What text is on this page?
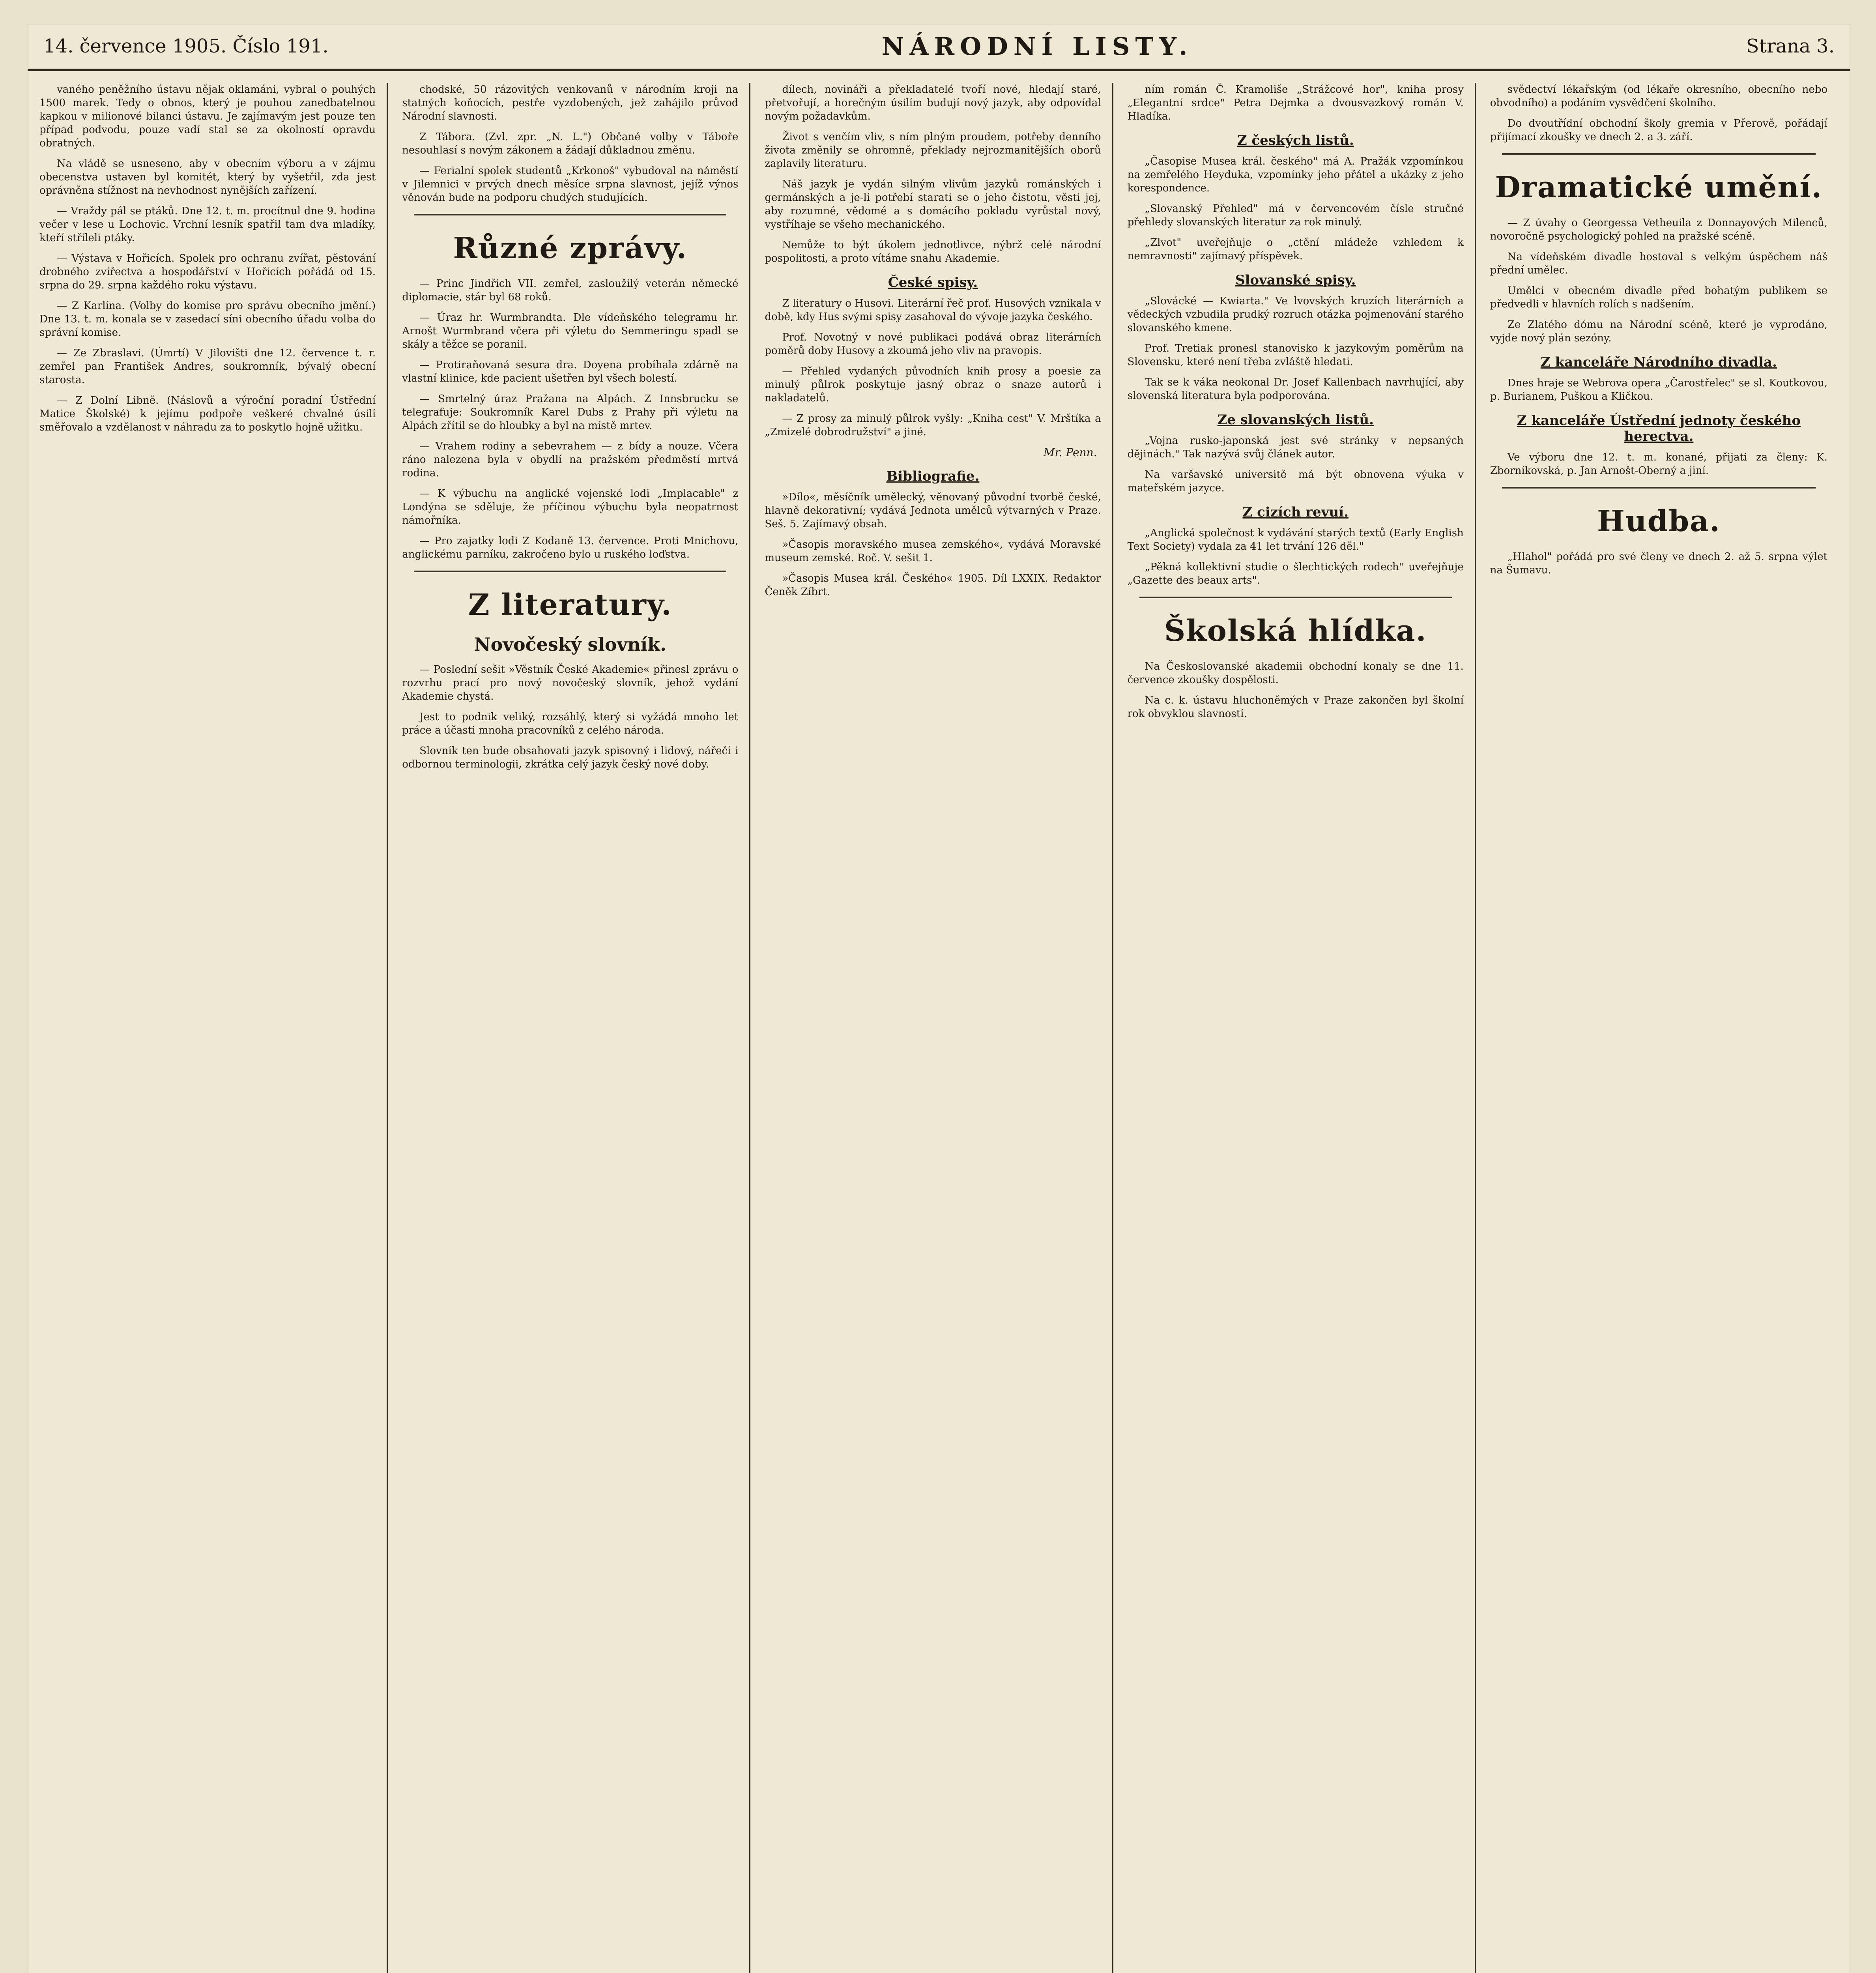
14. července 1905. Číslo 191.	NÁRODNÍ LISTY.	Strana 3.

vaného peněžního ústavu nějak oklamáni, vybral o pouhých 1500 marek. Tedy o obnos, který je pouhou zanedbatelnou kapkou v milionové bilanci ústavu. Je zajímavým jest pouze ten případ podvodu, pouze vadí stal se za okolností opravdu obratných.

Na vládě se usneseno, aby v obecním výboru a v zájmu obecenstva ustaven byl komitét, který by vyšetřil, zda jest oprávněna stížnost na nevhodnost nynějších zařízení.

— Vraždy pál se ptáků. Dne 12. t. m. procítnul dne 9. hodina večer v lese u Lochovic. Vrchní lesník spatřil tam dva mladíky, kteří stříleli ptáky.

— Výstava v Hořicích. Spolek pro ochranu zvířat, pěstování drobného zvířectva a hospodářství v Hořicích pořádá od 15. srpna do 29. srpna každého roku výstavu.

— Z Karlína. (Volby do komise pro správu obecního jmění.) Dne 13. t. m. konala se v zasedací síni obecního úřadu volba do správní komise.

— Ze Zbraslavi. (Úmrtí) V Jilovišti dne 12. července t. r. zemřel pan František Andres, soukromník, bývalý obecní starosta.

— Z Dolní Libně. (Náslovů a výroční poradní Ústřední Matice Školské) k jejímu podpoře veškeré chvalné úsilí směřovalo a vzdělanost v náhradu za to poskytlo hojně užitku.

chodské, 50 rázovitých venkovanů v národním kroji na statných koňocích, pestře vyzdobených, jež zahájilo průvod Národní slavnosti.

Z Tábora. (Zvl. zpr. „N. L.") Občané volby v Táboře nesouhlasí s novým zákonem a žádají důkladnou změnu.

— Ferialní spolek studentů „Krkonoš" vybudoval na náměstí v Jilemnici v prvých dnech měsíce srpna slavnost, jejíž výnos věnován bude na podporu chudých studujících.

Různé zprávy.

— Princ Jindřich VII. zemřel, zasloužilý veterán německé diplomacie, stár byl 68 roků.

— Úraz hr. Wurmbrandta. Dle vídeňského telegramu hr. Arnošt Wurmbrand včera při výletu do Semmeringu spadl se skály a těžce se poranil.

— Protiraňovaná sesura dra. Doyena probíhala zdárně na vlastní klinice, kde pacient ušetřen byl všech bolestí.

— Smrtelný úraz Pražana na Alpách. Z Innsbrucku se telegrafuje: Soukromník Karel Dubs z Prahy při výletu na Alpách zřítil se do hloubky a byl na místě mrtev.

— Vrahem rodiny a sebevrahem — z bídy a nouze. Včera ráno nalezena byla v obydlí na pražském předměstí mrtvá rodina.

— K výbuchu na anglické vojenské lodi „Implacable" z Londýna se sděluje, že příčinou výbuchu byla neopatrnost námořníka.

— Pro zajatky lodi Z Kodaně 13. července. Proti Mnichovu, anglickému parníku, zakročeno bylo u ruského loďstva.

Z literatury.
Novočeský slovník.

— Poslední sešit »Věstník České Akademie« přinesl zprávu o rozvrhu prací pro nový novočeský slovník, jehož vydání Akademie chystá.

Jest to podnik veliký, rozsáhlý, který si vyžádá mnoho let práce a účasti mnoha pracovníků z celého národa.

Slovník ten bude obsahovati jazyk spisovný i lidový, nářečí i odbornou terminologii, zkrátka celý jazyk český nové doby.

dílech, novináři a překladatelé tvoří nové, hledají staré, přetvořují, a horečným úsilím budují nový jazyk, aby odpovídal novým požadavkům.

Život s venčím vliv, s ním plným proudem, potřeby denního života změnily se ohromně, překlady nejrozmanitějších oborů zaplavily literaturu.

Náš jazyk je vydán silným vlivům jazyků románských i germánských a je-li potřebí starati se o jeho čistotu, věsti jej, aby rozumné, vědomé a s domácího pokladu vyrůstal nový, vystříhaje se všeho mechanického.

Nemůže to být úkolem jednotlivce, nýbrž celé národní pospolitosti, a proto vítáme snahu Akademie.

České spisy.

Z literatury o Husovi. Literární řeč prof. Husových vznikala v době, kdy Hus svými spisy zasahoval do vývoje jazyka českého.

Prof. Novotný v nové publikaci podává obraz literárních poměrů doby Husovy a zkoumá jeho vliv na pravopis.

— Přehled vydaných původních knih prosy a poesie za minulý půlrok poskytuje jasný obraz o snaze autorů i nakladatelů.

— Z prosy za minulý půlrok vyšly: „Kniha cest" V. Mrštíka a „Zmizelé dobrodružství" a jiné.

Mr. Penn.
Bibliografie.

»Dílo«, měsíčník umělecký, věnovaný původní tvorbě české, hlavně dekorativní; vydává Jednota umělců výtvarných v Praze. Seš. 5. Zajímavý obsah.

»Časopis moravského musea zemského«, vydává Moravské museum zemské. Roč. V. sešit 1.

»Časopis Musea král. Českého« 1905. Díl LXXIX. Redaktor Čeněk Zíbrt.

ním román Č. Kramoliše „Strážcové hor", kniha prosy „Elegantní srdce" Petra Dejmka a dvousvazkový román V. Hladíka.

Z českých listů.

„Časopise Musea král. českého" má A. Pražák vzpomínkou na zemřelého Heyduka, vzpomínky jeho přátel a ukázky z jeho korespondence.

„Slovanský Přehled" má v červencovém čísle stručné přehledy slovanských literatur za rok minulý.

„Zlvot" uveřejňuje o „ctění mládeže vzhledem k nemravnosti" zajímavý příspěvek.

Slovanské spisy.

„Slovácké — Kwiarta." Ve lvovských kruzích literárních a vědeckých vzbudila prudký rozruch otázka pojmenování starého slovanského kmene.

Prof. Tretiak pronesl stanovisko k jazykovým poměrům na Slovensku, které není třeba zvláště hledati.

Tak se k váka neokonal Dr. Josef Kallenbach navrhující, aby slovenská literatura byla podporována.

Ze slovanských listů.

„Vojna rusko-japonská jest své stránky v nepsaných dějinách." Tak nazývá svůj článek autor.

Na varšavské universitě má být obnovena výuka v mateřském jazyce.

Z cizích revuí.

„Anglická společnost k vydávání starých textů (Early English Text Society) vydala za 41 let trvání 126 děl."

„Pěkná kollektivní studie o šlechtických rodech" uveřejňuje „Gazette des beaux arts".

Školská hlídka.

Na Českoslovanské akademii obchodní konaly se dne 11. července zkoušky dospělosti.

Na c. k. ústavu hluchoněmých v Praze zakončen byl školní rok obvyklou slavností.

svědectví lékařským (od lékaře okresního, obecního nebo obvodního) a podáním vysvědčení školního.

Do dvoutřídní obchodní školy gremia v Přerově, pořádají přijímací zkoušky ve dnech 2. a 3. září.

Dramatické umění.

— Z úvahy o Georgessa Vetheuila z Donnayových Milenců, novoročně psychologický pohled na pražské scéně.

Na vídeňském divadle hostoval s velkým úspěchem náš přední umělec.

Umělci v obecném divadle před bohatým publikem se předvedli v hlavních rolích s nadšením.

Ze Zlatého dómu na Národní scéně, které je vyprodáno, vyjde nový plán sezóny.

Z kanceláře Národního divadla.

Dnes hraje se Webrova opera „Čarostřelec" se sl. Koutkovou, p. Burianem, Puškou a Kličkou.

Z kanceláře Ústřední jednoty českého herectva.

Ve výboru dne 12. t. m. konané, přijati za členy: K. Zborníkovská, p. Jan Arnošt-Oberný a jiní.

Hudba.

„Hlahol" pořádá pro své členy ve dnech 2. až 5. srpna výlet na Šumavu.
